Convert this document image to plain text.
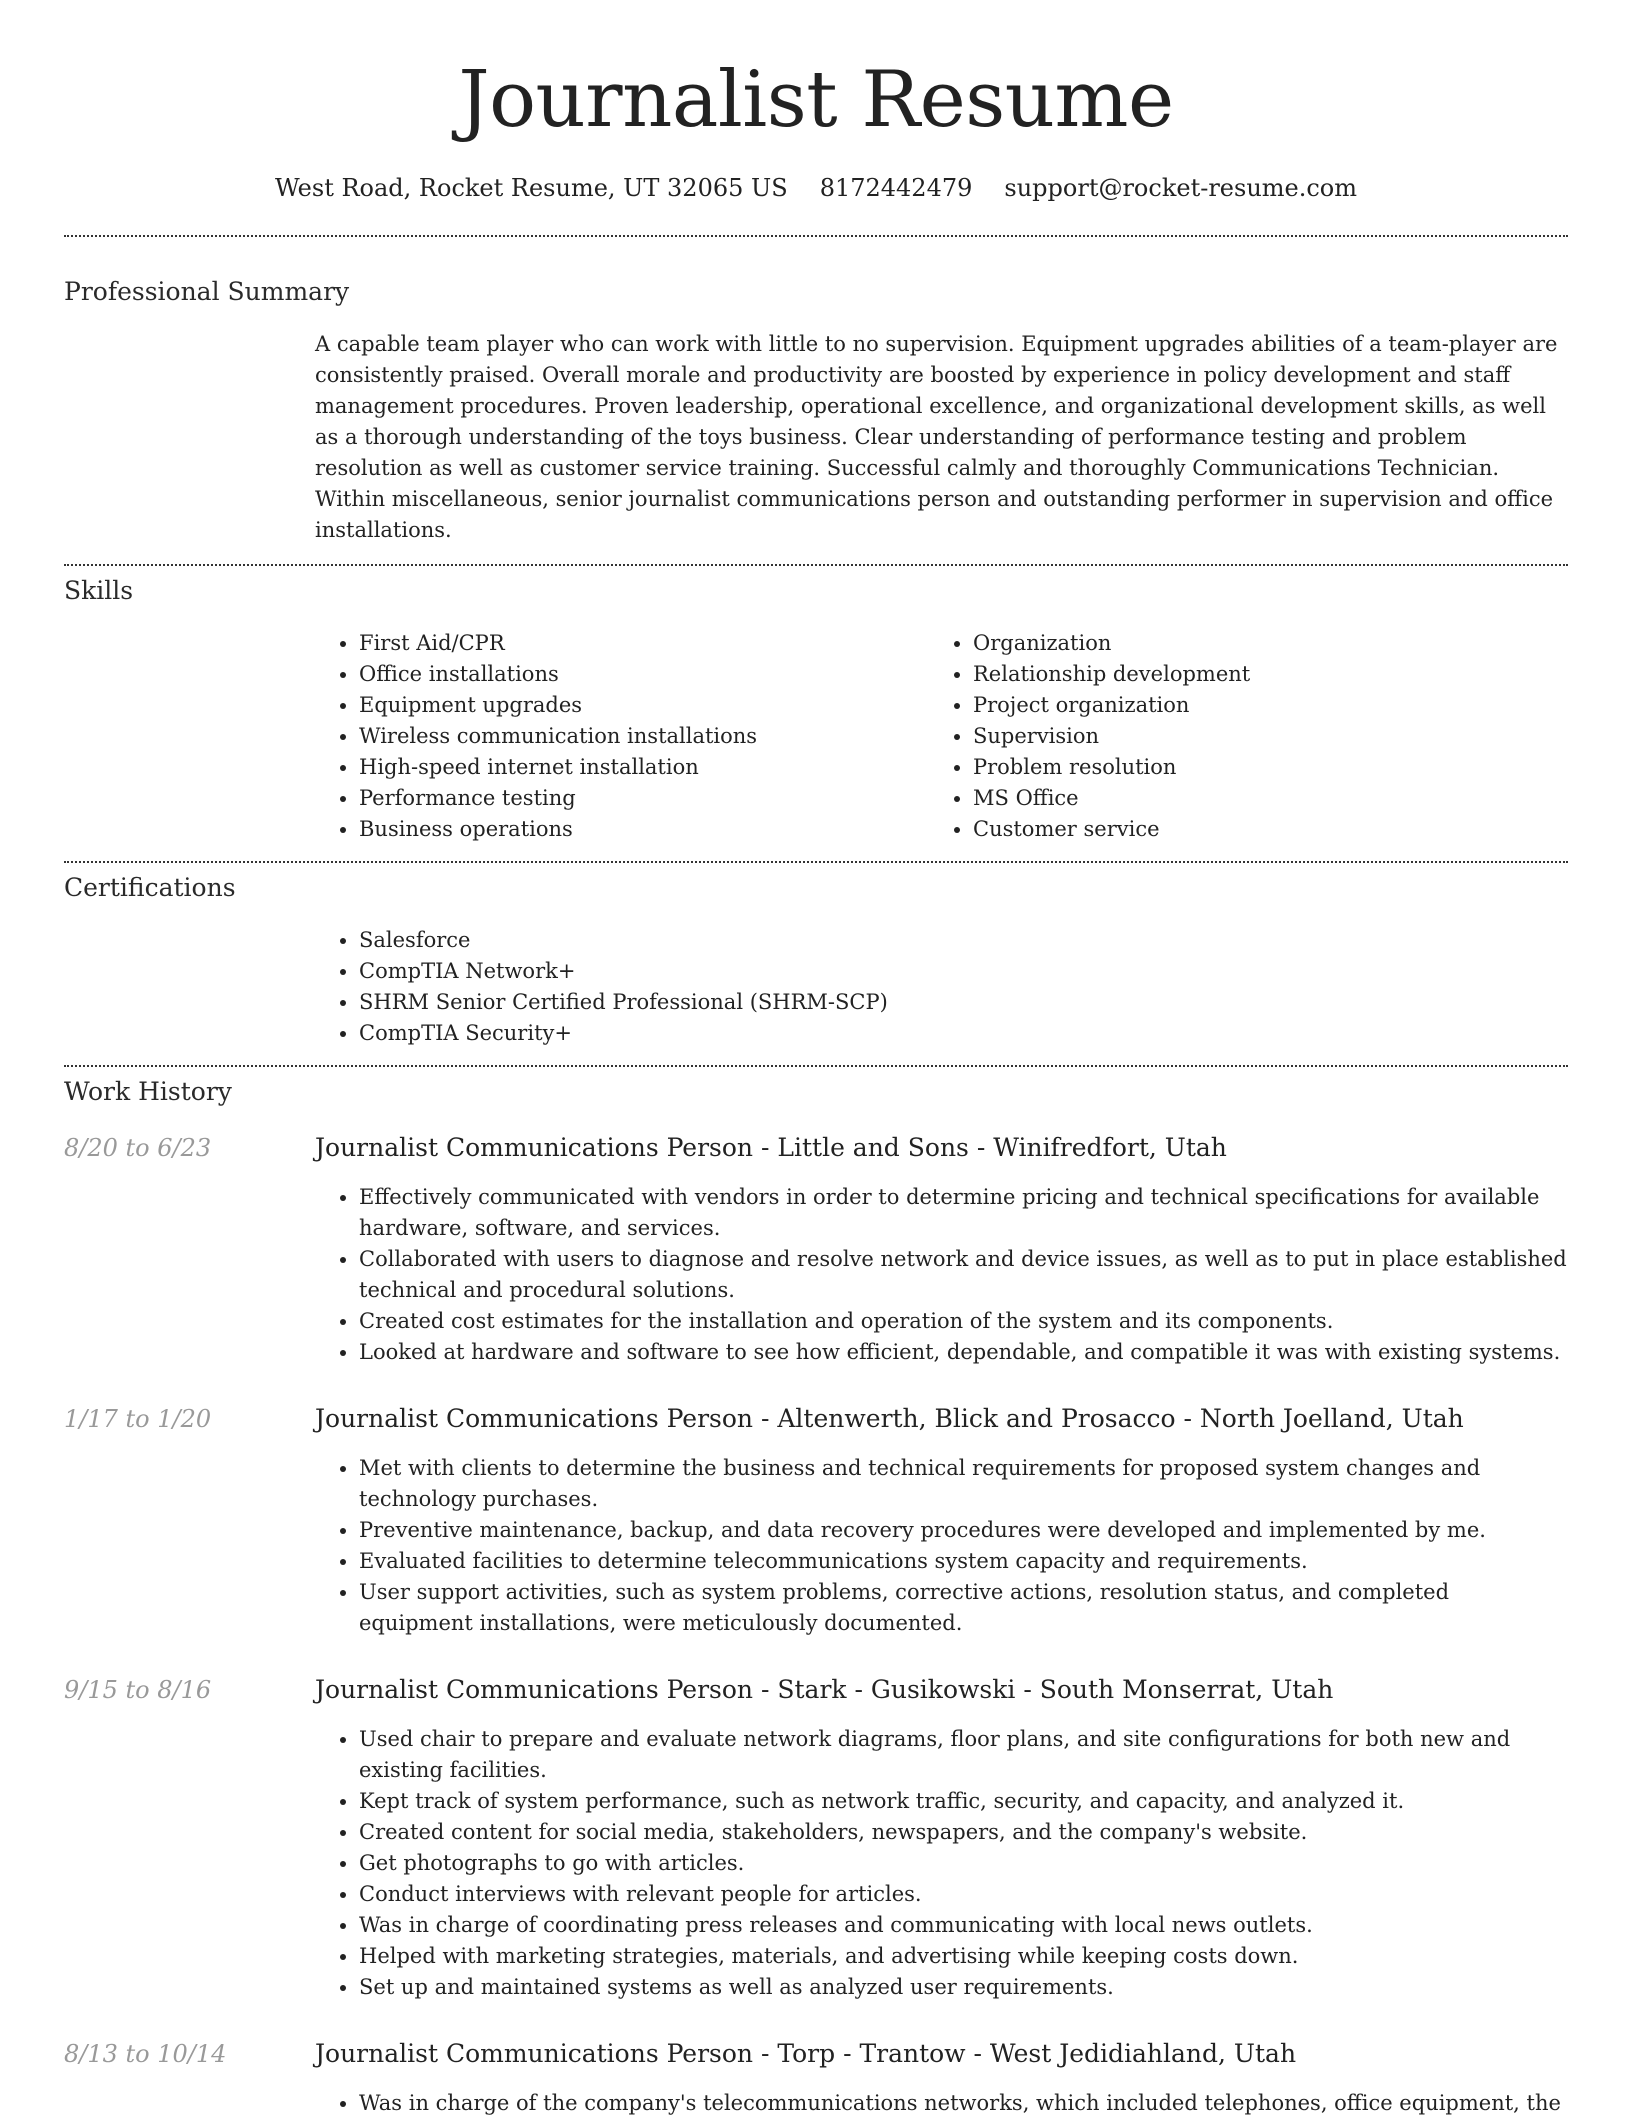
Journalist Resume
West Road, Rocket Resume, UT 32065 US 8172442479 support@rocket-resume.com
Professional Summary

A capable team player who can work with little to no supervision. Equipment upgrades abilities of a team-player are consistently praised. Overall morale and productivity are boosted by experience in policy development and staff management procedures. Proven leadership, operational excellence, and organizational development skills, as well as a thorough understanding of the toys business. Clear understanding of performance testing and problem resolution as well as customer service training. Successful calmly and thoroughly Communications Technician. Within miscellaneous, senior journalist communications person and outstanding performer in supervision and office installations.

Skills
• First Aid/CPR
• Office installations
• Equipment upgrades
• Wireless communication installations
• High-speed internet installation
• Performance testing
• Business operations
• Organization
• Relationship development
• Project organization
• Supervision
• Problem resolution
• MS Office
• Customer service
Certifications
• Salesforce
• CompTIA Network+
• SHRM Senior Certified Professional (SHRM-SCP)
• CompTIA Security+
Work History
8/20 to 6/23	Journalist Communications Person - Little and Sons - Winifredfort, Utah
• Effectively communicated with vendors in order to determine pricing and technical specifications for available hardware, software, and services.
• Collaborated with users to diagnose and resolve network and device issues, as well as to put in place established technical and procedural solutions.
• Created cost estimates for the installation and operation of the system and its components.
• Looked at hardware and software to see how efficient, dependable, and compatible it was with existing systems.
1/17 to 1/20	Journalist Communications Person - Altenwerth, Blick and Prosacco - North Joelland, Utah
• Met with clients to determine the business and technical requirements for proposed system changes and technology purchases.
• Preventive maintenance, backup, and data recovery procedures were developed and implemented by me.
• Evaluated facilities to determine telecommunications system capacity and requirements.
• User support activities, such as system problems, corrective actions, resolution status, and completed equipment installations, were meticulously documented.
9/15 to 8/16	Journalist Communications Person - Stark - Gusikowski - South Monserrat, Utah
• Used chair to prepare and evaluate network diagrams, floor plans, and site configurations for both new and existing facilities.
• Kept track of system performance, such as network traffic, security, and capacity, and analyzed it.
• Created content for social media, stakeholders, newspapers, and the company's website.
• Get photographs to go with articles.
• Conduct interviews with relevant people for articles.
• Was in charge of coordinating press releases and communicating with local news outlets.
• Helped with marketing strategies, materials, and advertising while keeping costs down.
• Set up and maintained systems as well as analyzed user requirements.
8/13 to 10/14	Journalist Communications Person - Torp - Trantow - West Jedidiahland, Utah
• Was in charge of the company's telecommunications networks, which included telephones, office equipment, the
